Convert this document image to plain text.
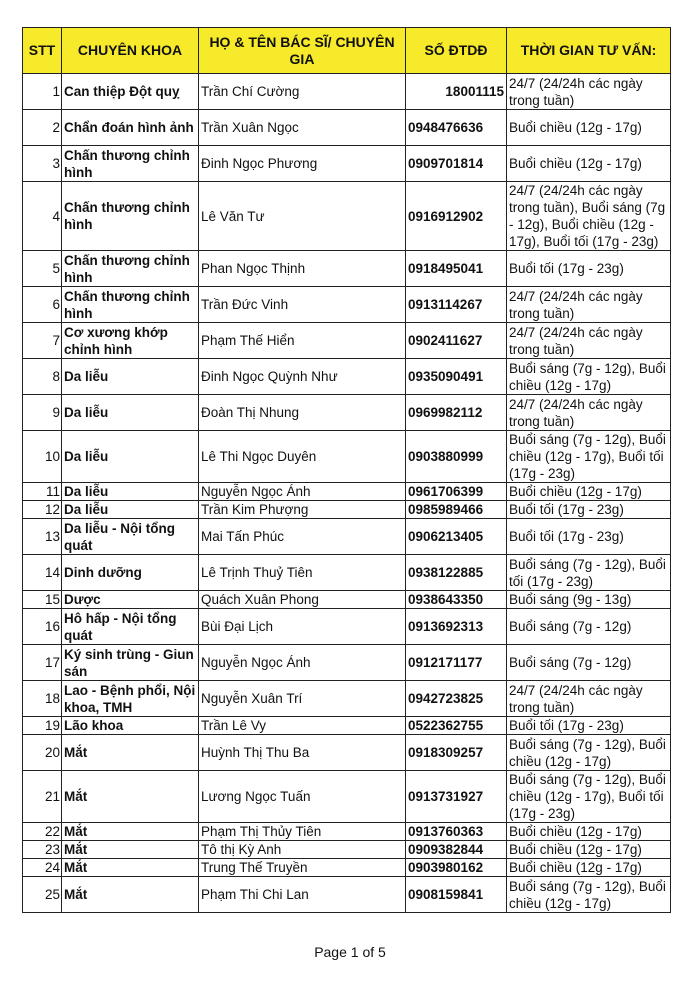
STT	CHUYÊN KHOA	HỌ & TÊN BÁC SĨ/ CHUYÊN GIA	SỐ ĐTDĐ	THỜI GIAN TƯ VẤN:
1	Can thiệp Đột quỵ	Trần Chí Cường	18001115	24/7 (24/24h các ngày trong tuần)
2	Chẩn đoán hình ảnh	Trần Xuân Ngọc	0948476636	Buổi chiều (12g - 17g)
3	Chấn thương chỉnh hình	Đinh Ngọc Phương	0909701814	Buổi chiều (12g - 17g)
4	Chấn thương chỉnh hình	Lê Văn Tư	0916912902	24/7 (24/24h các ngày trong tuần), Buổi sáng (7g - 12g), Buổi chiều (12g - 17g), Buổi tối (17g - 23g)
5	Chấn thương chỉnh hình	Phan Ngọc Thịnh	0918495041	Buổi tối (17g - 23g)
6	Chấn thương chỉnh hình	Trần Đức Vinh	0913114267	24/7 (24/24h các ngày trong tuần)
7	Cơ xương khớp chỉnh hình	Phạm Thế Hiển	0902411627	24/7 (24/24h các ngày trong tuần)
8	Da liễu	Đinh Ngọc Quỳnh Như	0935090491	Buổi sáng (7g - 12g), Buổi chiều (12g - 17g)
9	Da liễu	Đoàn Thị Nhung	0969982112	24/7 (24/24h các ngày trong tuần)
10	Da liễu	Lê Thi Ngọc Duyên	0903880999	Buổi sáng (7g - 12g), Buổi chiều (12g - 17g), Buổi tối (17g - 23g)
11	Da liễu	Nguyễn Ngọc Ánh	0961706399	Buổi chiều (12g - 17g)
12	Da liễu	Trần Kim Phượng	0985989466	Buổi tối (17g - 23g)
13	Da liễu - Nội tổng quát	Mai Tấn Phúc	0906213405	Buổi tối (17g - 23g)
14	Dinh dưỡng	Lê Trịnh Thuỷ Tiên	0938122885	Buổi sáng (7g - 12g), Buổi tối (17g - 23g)
15	Dược	Quách Xuân Phong	0938643350	Buổi sáng (9g - 13g)
16	Hô hấp - Nội tổng quát	Bùi Đại Lịch	0913692313	Buổi sáng (7g - 12g)
17	Ký sinh trùng - Giun sán	Nguyễn Ngọc Ánh	0912171177	Buổi sáng (7g - 12g)
18	Lao - Bệnh phổi, Nội khoa, TMH	Nguyễn Xuân Trí	0942723825	24/7 (24/24h các ngày trong tuần)
19	Lão khoa	Trần Lê Vy	0522362755	Buổi tối (17g - 23g)
20	Mắt	Huỳnh Thị Thu Ba	0918309257	Buổi sáng (7g - 12g), Buổi chiều (12g - 17g)
21	Mắt	Lương Ngọc Tuấn	0913731927	Buổi sáng (7g - 12g), Buổi chiều (12g - 17g), Buổi tối (17g - 23g)
22	Mắt	Phạm Thị Thủy Tiên	0913760363	Buổi chiều (12g - 17g)
23	Mắt	Tô thị Kỳ Anh	0909382844	Buổi chiều (12g - 17g)
24	Mắt	Trung Thế Truyền	0903980162	Buổi chiều (12g - 17g)
25	Mắt	Phạm Thi Chi Lan	0908159841	Buổi sáng (7g - 12g), Buổi chiều (12g - 17g)
Page 1 of 5
